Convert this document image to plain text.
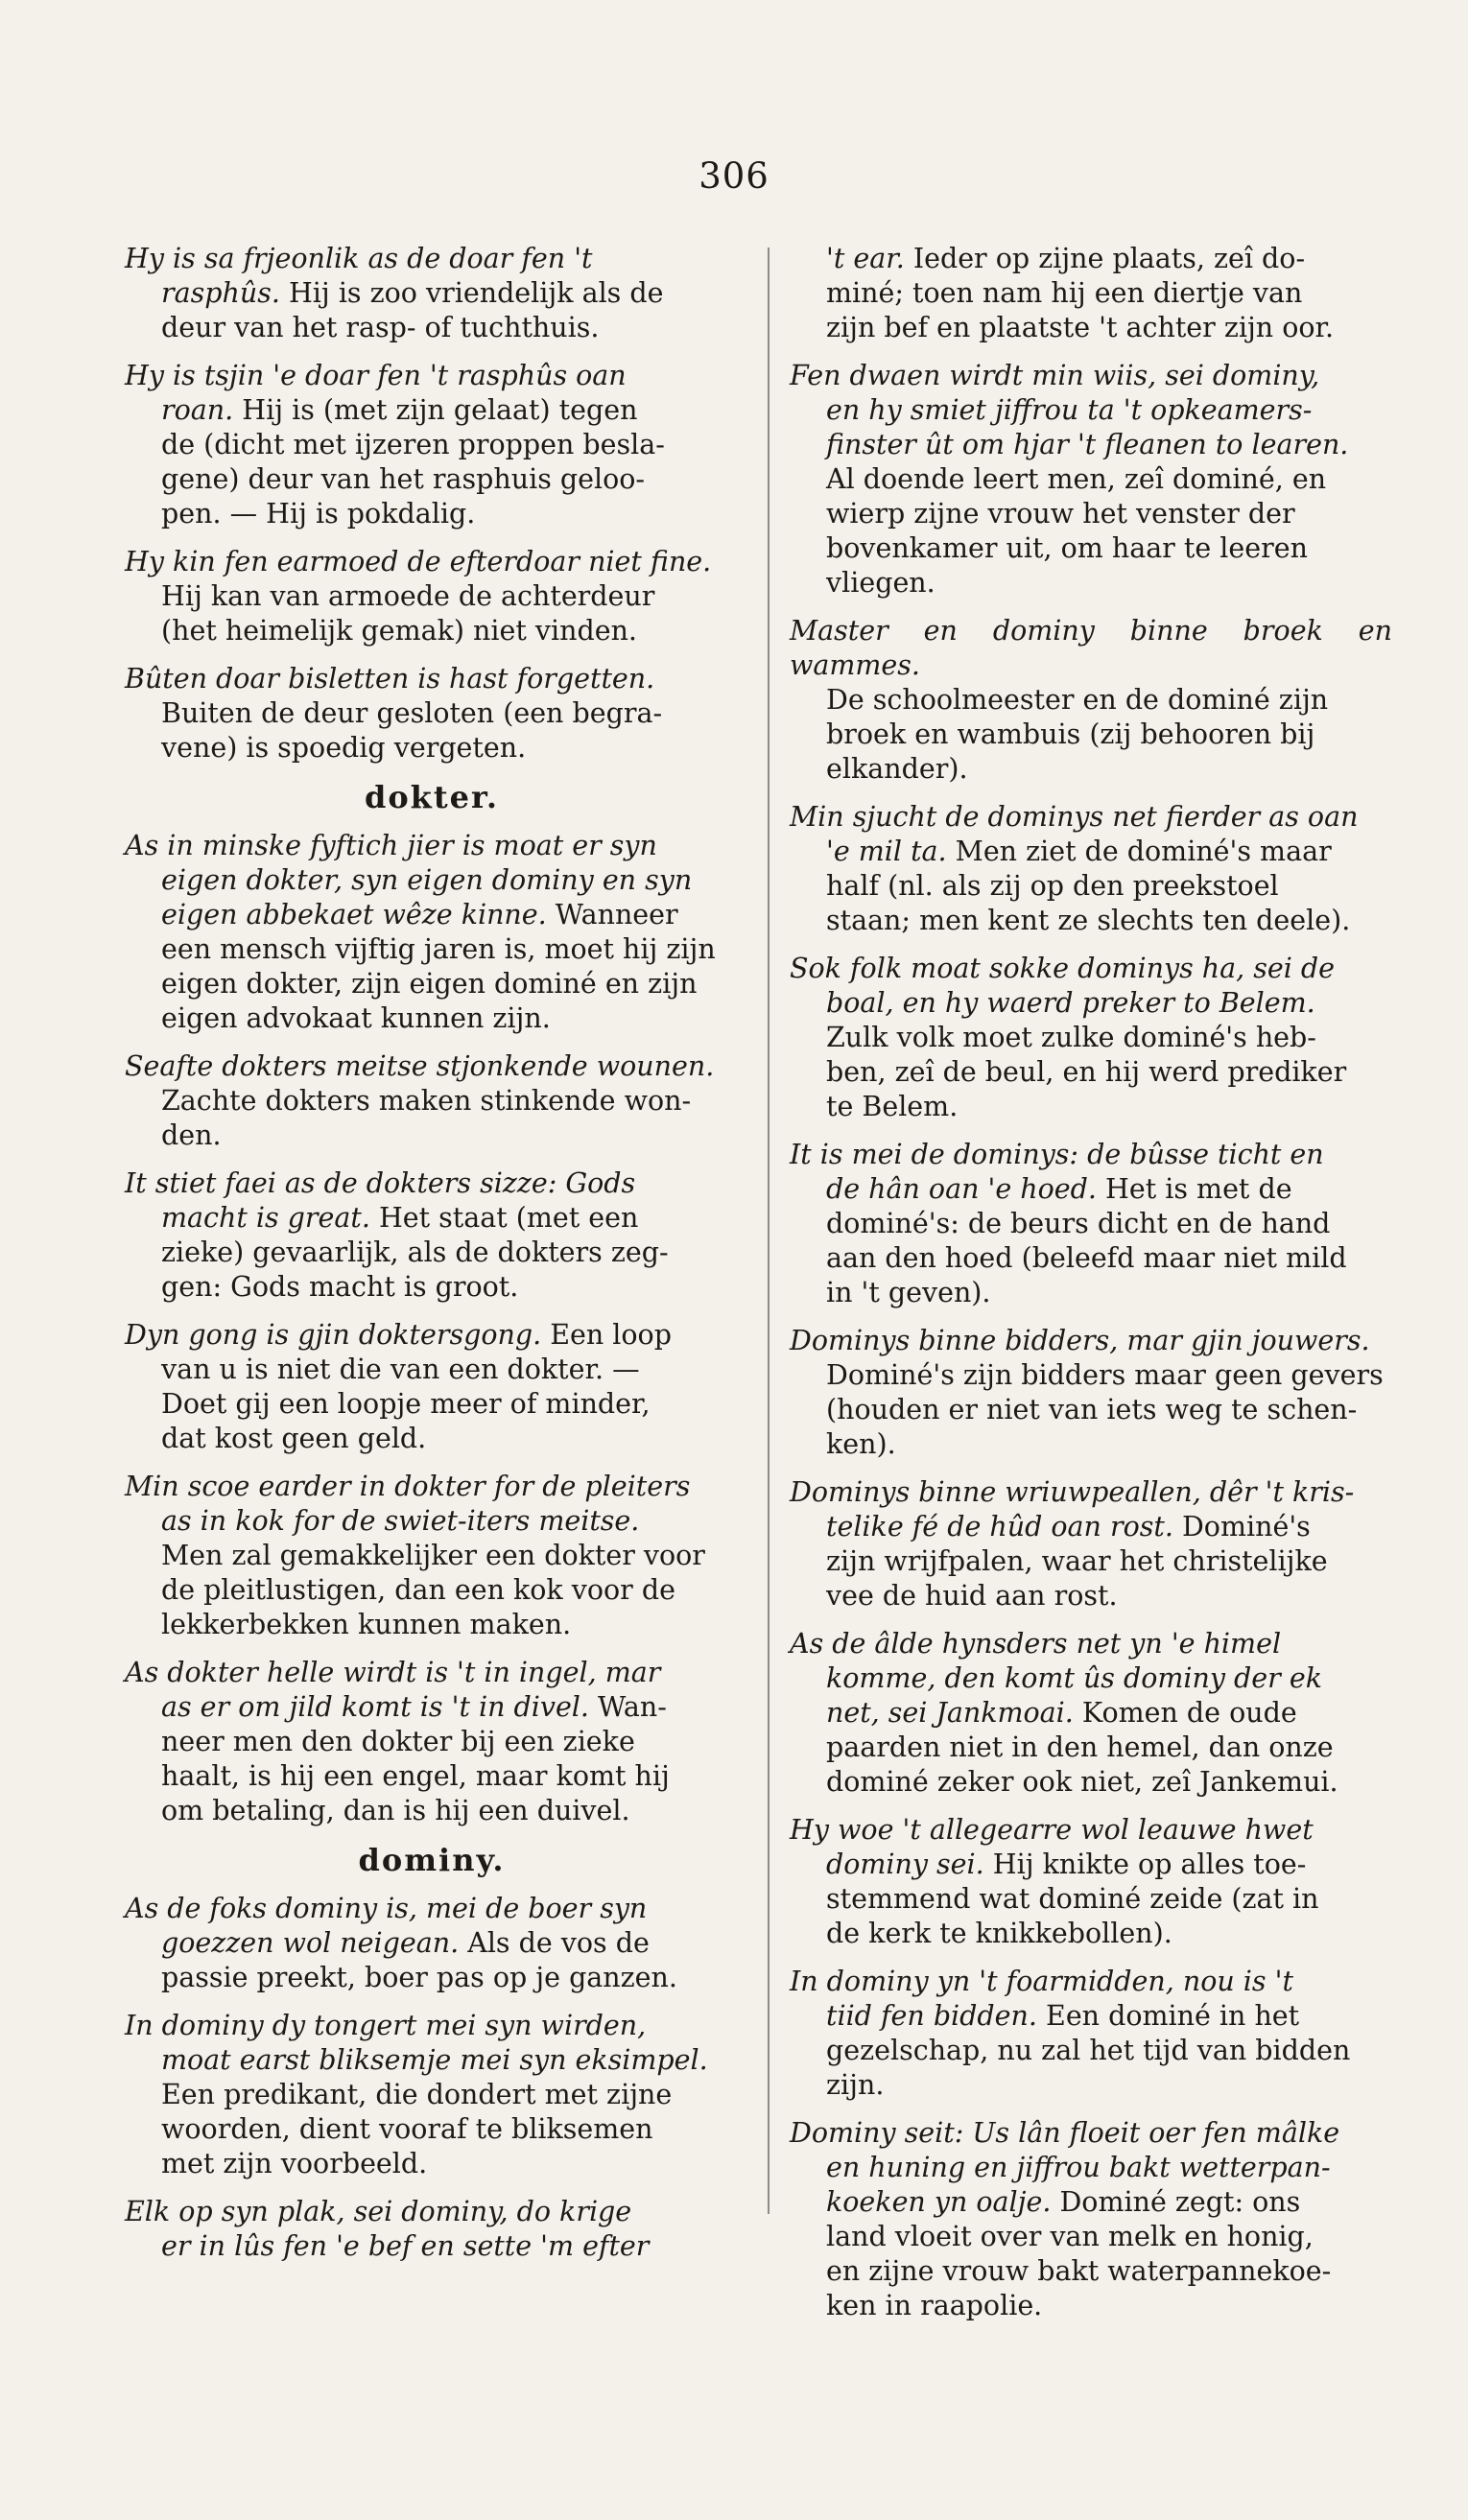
306
Hy is sa frjeonlik as de doar fen 't
rasphûs. Hij is zoo vriendelijk als de
deur van het rasp- of tuchthuis.
Hy is tsjin 'e doar fen 't rasphûs oan
roan. Hij is (met zijn gelaat) tegen
de (dicht met ijzeren proppen besla-
gene) deur van het rasphuis geloo-
pen. — Hij is pokdalig.
Hy kin fen earmoed de efterdoar niet fine.
Hij kan van armoede de achterdeur
(het heimelijk gemak) niet vinden.
Bûten doar bisletten is hast forgetten.
Buiten de deur gesloten (een begra-
vene) is spoedig vergeten.
dokter.
As in minske fyftich jier is moat er syn
eigen dokter, syn eigen dominy en syn
eigen abbekaet wêze kinne. Wanneer
een mensch vijftig jaren is, moet hij zijn
eigen dokter, zijn eigen dominé en zijn
eigen advokaat kunnen zijn.
Seafte dokters meitse stjonkende wounen.
Zachte dokters maken stinkende won-
den.
It stiet faei as de dokters sizze: Gods
macht is great. Het staat (met een
zieke) gevaarlijk, als de dokters zeg-
gen: Gods macht is groot.
Dyn gong is gjin doktersgong. Een loop
van u is niet die van een dokter. —
Doet gij een loopje meer of minder,
dat kost geen geld.
Min scoe earder in dokter for de pleiters
as in kok for de swiet-iters meitse.
Men zal gemakkelijker een dokter voor
de pleitlustigen, dan een kok voor de
lekkerbekken kunnen maken.
As dokter helle wirdt is 't in ingel, mar
as er om jild komt is 't in divel. Wan-
neer men den dokter bij een zieke
haalt, is hij een engel, maar komt hij
om betaling, dan is hij een duivel.
dominy.
As de foks dominy is, mei de boer syn
goezzen wol neigean. Als de vos de
passie preekt, boer pas op je ganzen.
In dominy dy tongert mei syn wirden,
moat earst bliksemje mei syn eksimpel.
Een predikant, die dondert met zijne
woorden, dient vooraf te bliksemen
met zijn voorbeeld.
Elk op syn plak, sei dominy, do krige
er in lûs fen 'e bef en sette 'm efter
't ear. Ieder op zijne plaats, zeî do-
miné; toen nam hij een diertje van
zijn bef en plaatste 't achter zijn oor.
Fen dwaen wirdt min wiis, sei dominy,
en hy smiet jiffrou ta 't opkeamers-
finster ût om hjar 't fleanen to learen.
Al doende leert men, zeî dominé, en
wierp zijne vrouw het venster der
bovenkamer uit, om haar te leeren
vliegen.
Master en dominy binne broek en wammes.
De schoolmeester en de dominé zijn
broek en wambuis (zij behooren bij
elkander).
Min sjucht de dominys net fierder as oan
'e mil ta. Men ziet de dominé's maar
half (nl. als zij op den preekstoel
staan; men kent ze slechts ten deele).
Sok folk moat sokke dominys ha, sei de
boal, en hy waerd preker to Belem.
Zulk volk moet zulke dominé's heb-
ben, zeî de beul, en hij werd prediker
te Belem.
It is mei de dominys: de bûsse ticht en
de hân oan 'e hoed. Het is met de
dominé's: de beurs dicht en de hand
aan den hoed (beleefd maar niet mild
in 't geven).
Dominys binne bidders, mar gjin jouwers.
Dominé's zijn bidders maar geen gevers
(houden er niet van iets weg te schen-
ken).
Dominys binne wriuwpeallen, dêr 't kris-
telike fé de hûd oan rost. Dominé's
zijn wrijfpalen, waar het christelijke
vee de huid aan rost.
As de âlde hynsders net yn 'e himel
komme, den komt ûs dominy der ek
net, sei Jankmoai. Komen de oude
paarden niet in den hemel, dan onze
dominé zeker ook niet, zeî Jankemui.
Hy woe 't allegearre wol leauwe hwet
dominy sei. Hij knikte op alles toe-
stemmend wat dominé zeide (zat in
de kerk te knikkebollen).
In dominy yn 't foarmidden, nou is 't
tiid fen bidden. Een dominé in het
gezelschap, nu zal het tijd van bidden
zijn.
Dominy seit: Us lân floeit oer fen mâlke
en huning en jiffrou bakt wetterpan-
koeken yn oalje. Dominé zegt: ons
land vloeit over van melk en honig,
en zijne vrouw bakt waterpannekoe-
ken in raapolie.
